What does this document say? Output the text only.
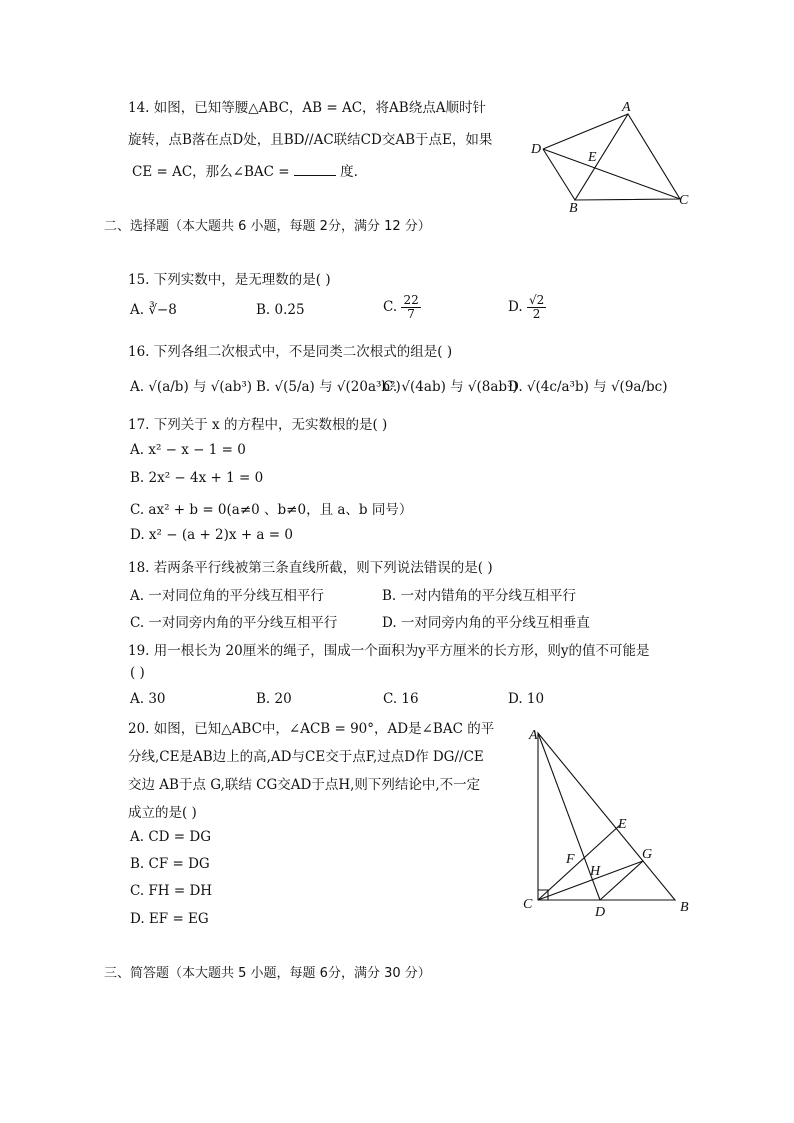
14. 如图，已知等腰△ABC，AB = AC，将AB绕点A顺时针
旋转，点B落在点D处，且BD//AC联结CD交AB于点E，如果
CE = AC，那么∠BAC =	度.
A
B
C
D
E
二、选择题（本大题共 6 小题，每题 2分，满分 12 分）
15. 下列实数中，是无理数的是( )
A. ∛−8	B. 0.2̇5̇	C. $\frac{22}{7}$	D. $\frac{√2}{2}$
16. 下列各组二次根式中，不是同类二次根式的组是( )
A. √(a/b) 与 √(ab³) B. √(5/a) 与 √(20a³b²)
C. √(4ab) 与 √(8ab³)
D. √(4c/a³b) 与 √(9a/bc)
17. 下列关于 x 的方程中，无实数根的是( )
A. x² − x − 1 = 0
B. 2x² − 4x + 1 = 0
C. ax² + b = 0(a≠0 、b≠0，且 a、b 同号）
D. x² − (a + 2)x + a = 0
18. 若两条平行线被第三条直线所截，则下列说法错误的是( )
A. 一对同位角的平分线互相平行	B. 一对内错角的平分线互相平行
C. 一对同旁内角的平分线互相平行	D. 一对同旁内角的平分线互相垂直
19. 用一根长为 20厘米的绳子，围成一个面积为y平方厘米的长方形，则y的值不可能是
( )
A. 30	B. 20	C. 16	D. 10
20. 如图，已知△ABC中，∠ACB = 90°，AD是∠BAC 的平
分线,CE是AB边上的高,AD与CE交于点F,过点D作 DG//CE
交边 AB于点 G,联结 CG交AD于点H,则下列结论中,不一定
成立的是( )
A. CD = DG
B. CF = DG
C. FH = DH
D. EF = EG
A
B
C
D
E
F	G
H
三、简答题（本大题共 5 小题，每题 6分，满分 30 分）
